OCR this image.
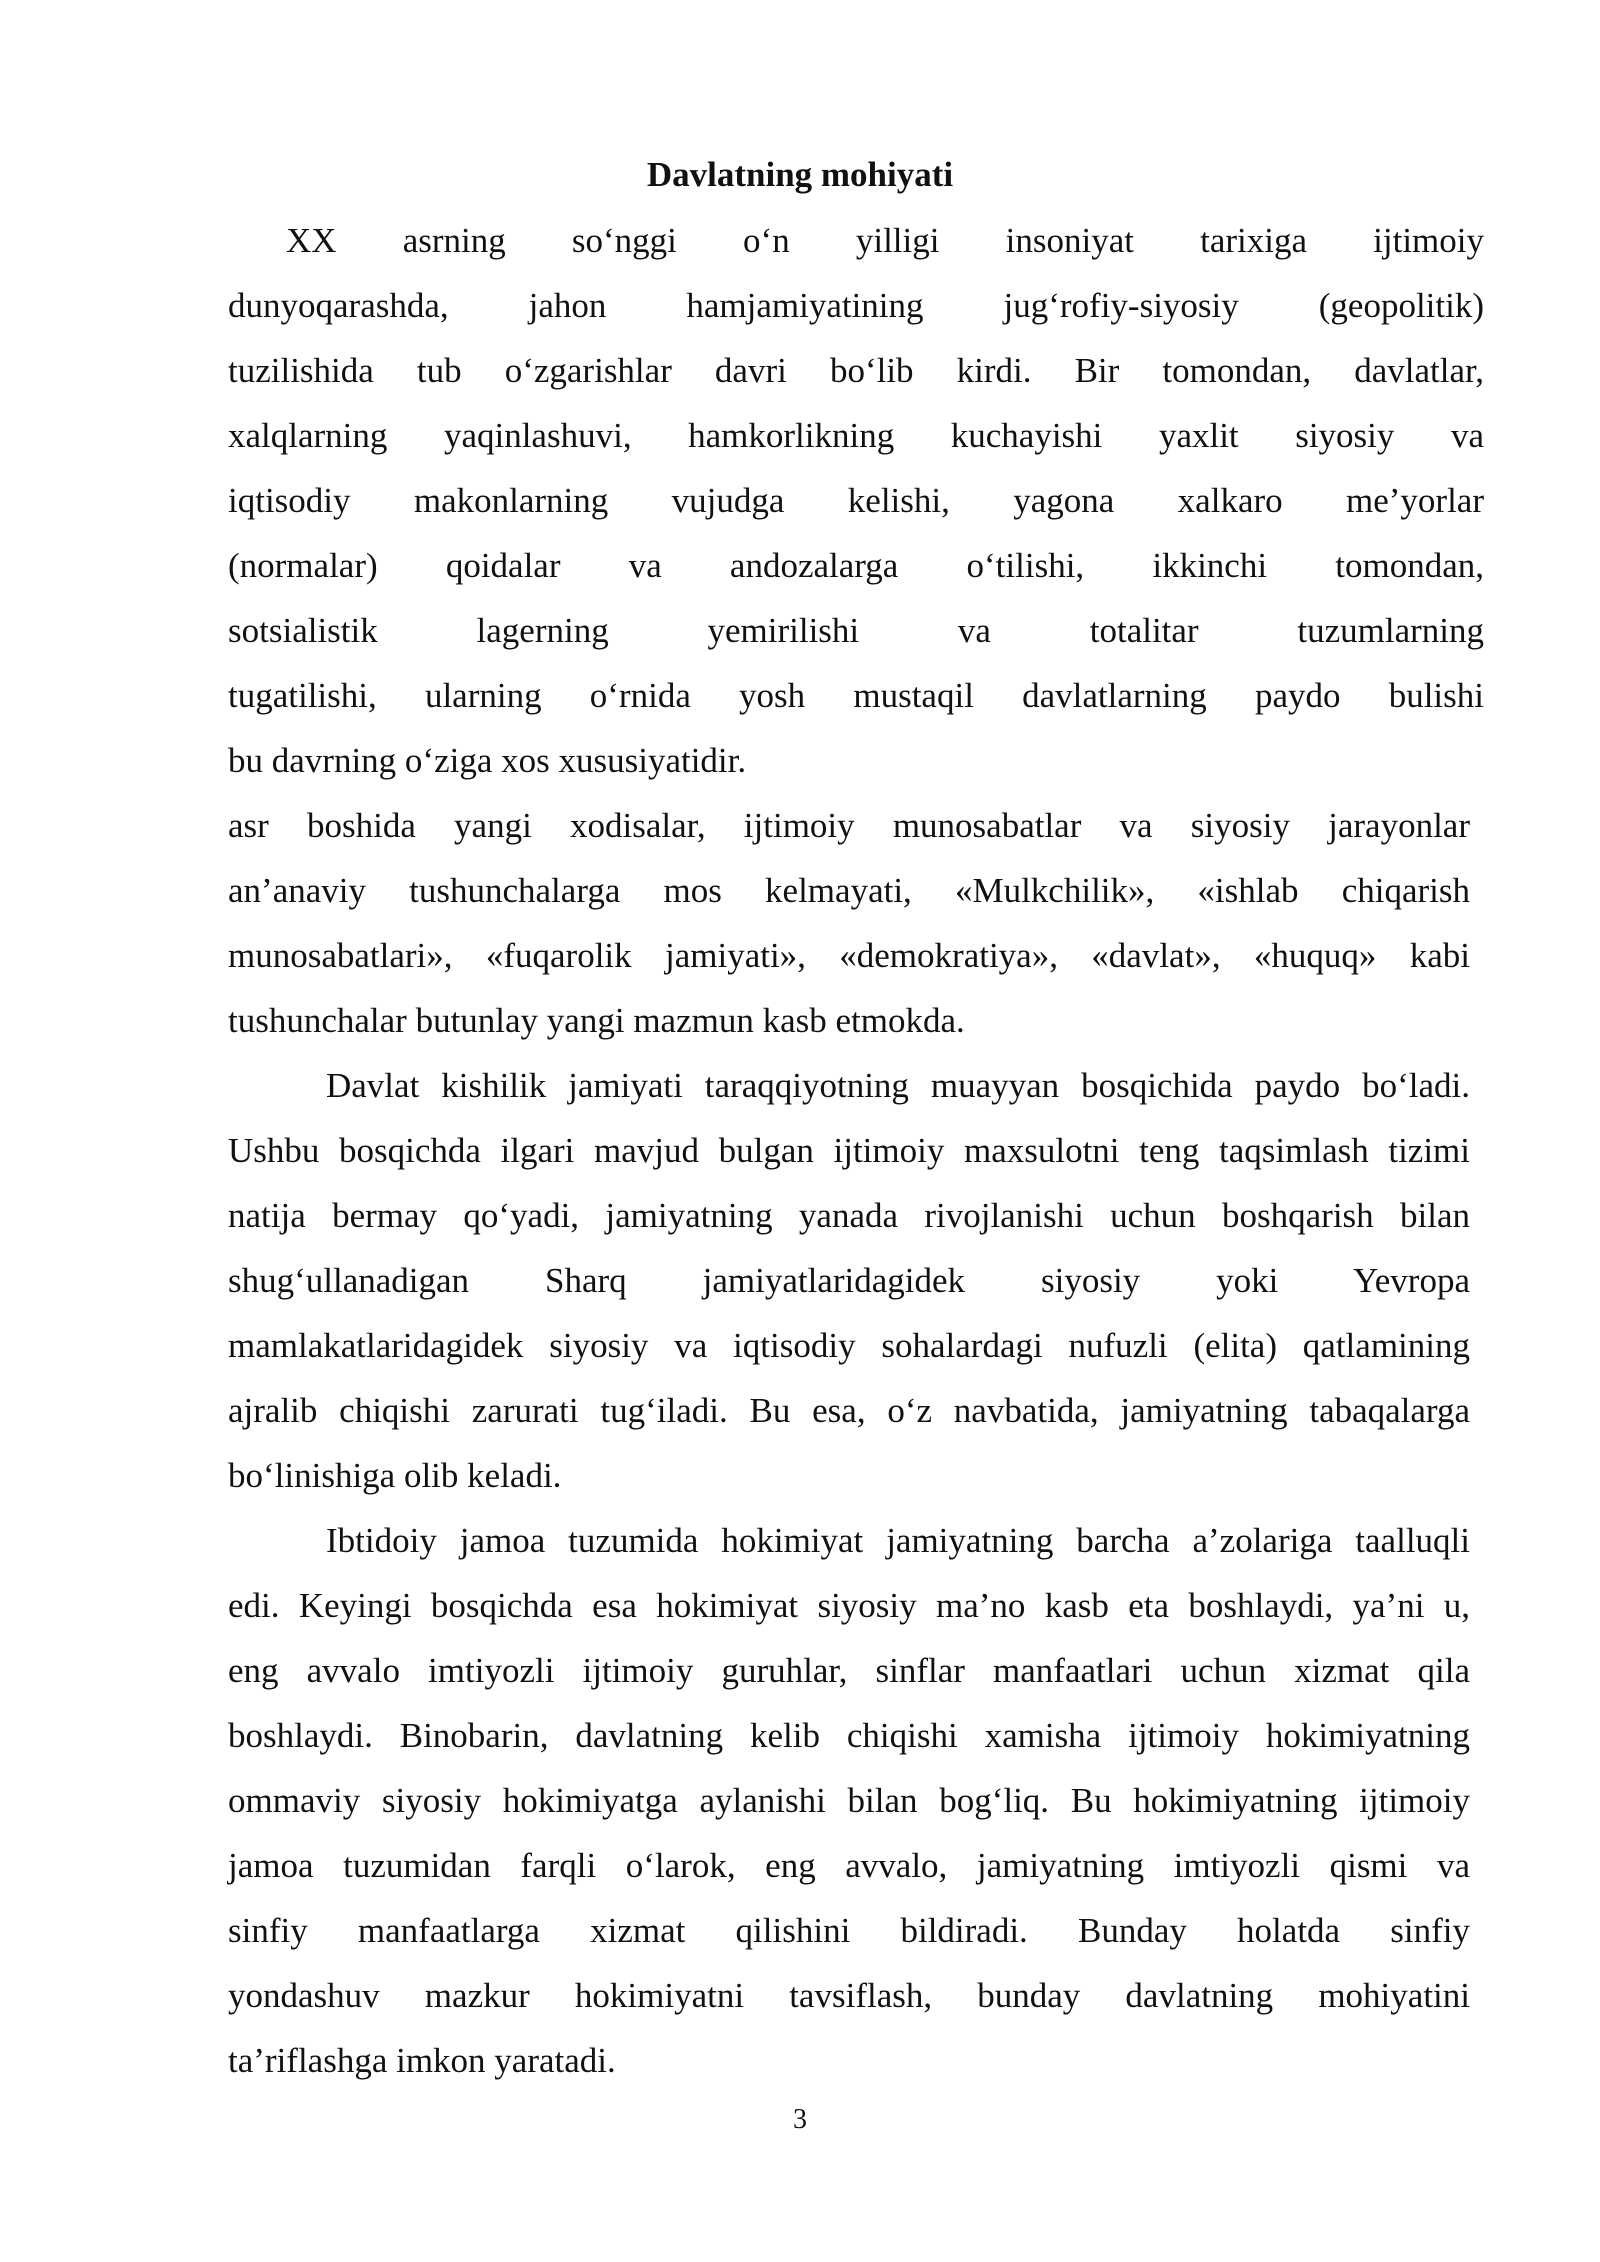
Davlatning mohiyati
XX asrning so‘nggi o‘n yilligi insoniyat tarixiga ijtimoiy
dunyoqarashda, jahon hamjamiyatining jug‘rofiy-siyosiy (geopolitik)
tuzilishida tub o‘zgarishlar davri bo‘lib kirdi. Bir tomondan, davlatlar,
xalqlarning yaqinlashuvi, hamkorlikning kuchayishi yaxlit siyosiy va
iqtisodiy makonlarning vujudga kelishi, yagona xalkaro me’yorlar
(normalar) qoidalar va andozalarga o‘tilishi, ikkinchi tomondan,
sotsialistik lagerning yemirilishi va totalitar tuzumlarning
tugatilishi, ularning o‘rnida yosh mustaqil davlatlarning paydo bulishi
bu davrning o‘ziga xos xususiyatidir.
asr boshida yangi xodisalar, ijtimoiy munosabatlar va siyosiy jarayonlar
an’anaviy tushunchalarga mos kelmayati, «Mulkchilik», «ishlab chiqarish
munosabatlari», «fuqarolik jamiyati», «demokratiya», «davlat», «huquq» kabi
tushunchalar butunlay yangi mazmun kasb etmokda.
Davlat kishilik jamiyati taraqqiyotning muayyan bosqichida paydo bo‘ladi.
Ushbu bosqichda ilgari mavjud bulgan ijtimoiy maxsulotni teng taqsimlash tizimi
natija bermay qo‘yadi, jamiyatning yanada rivojlanishi uchun boshqarish bilan
shug‘ullanadigan Sharq jamiyatlaridagidek siyosiy yoki Yevropa
mamlakatlaridagidek siyosiy va iqtisodiy sohalardagi nufuzli (elita) qatlamining
ajralib chiqishi zarurati tug‘iladi. Bu esa, o‘z navbatida, jamiyatning tabaqalarga
bo‘linishiga olib keladi.
Ibtidoiy jamoa tuzumida hokimiyat jamiyatning barcha a’zolariga taalluqli
edi. Keyingi bosqichda esa hokimiyat siyosiy ma’no kasb eta boshlaydi, ya’ni u,
eng avvalo imtiyozli ijtimoiy guruhlar, sinflar manfaatlari uchun xizmat qila
boshlaydi. Binobarin, davlatning kelib chiqishi xamisha ijtimoiy hokimiyatning
ommaviy siyosiy hokimiyatga aylanishi bilan bog‘liq. Bu hokimiyatning ijtimoiy
jamoa tuzumidan farqli o‘larok, eng avvalo, jamiyatning imtiyozli qismi va
sinfiy manfaatlarga xizmat qilishini bildiradi. Bunday holatda sinfiy
yondashuv mazkur hokimiyatni tavsiflash, bunday davlatning mohiyatini
ta’riflashga imkon yaratadi.
3
